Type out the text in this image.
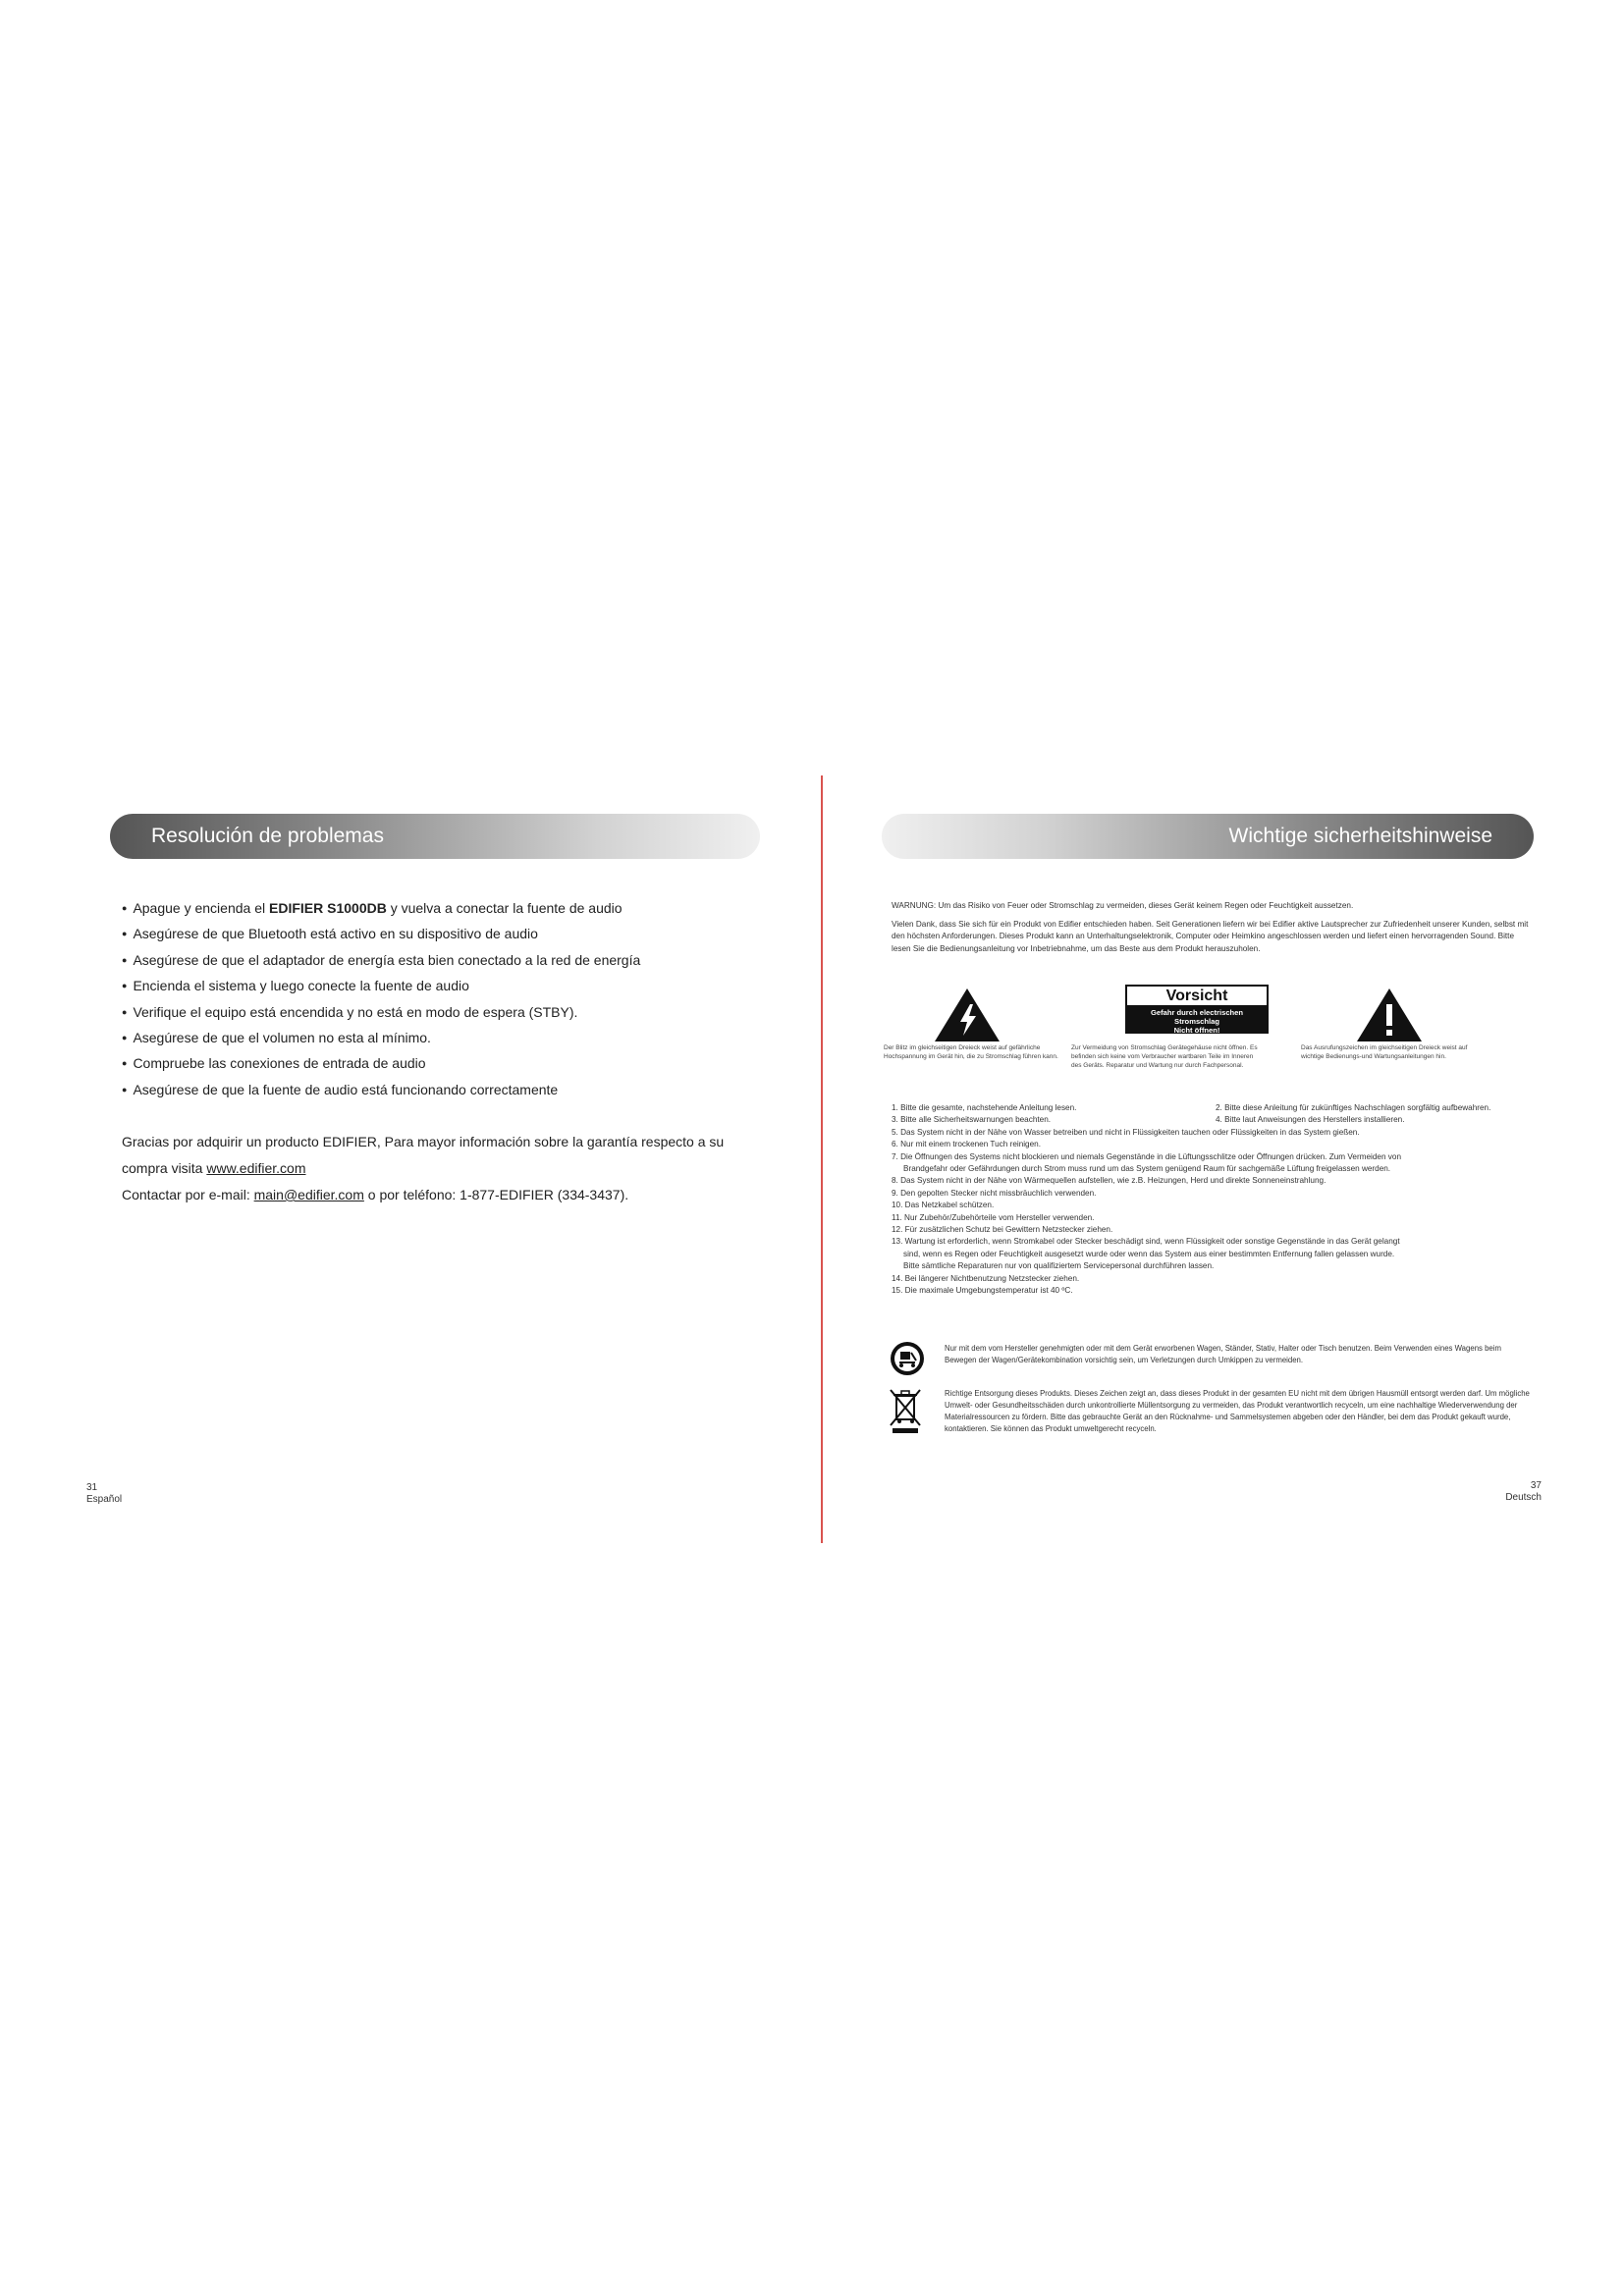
Resolución de problemas
● Apague y encienda el EDIFIER S1000DB y vuelva a conectar la fuente de audio
● Asegúrese de que Bluetooth está activo en su dispositivo de audio
● Asegúrese de que el adaptador de energía esta bien conectado a la red de energía
● Encienda el sistema y luego conecte la fuente de audio
● Verifique el equipo está encendida y no está en modo de espera (STBY).
● Asegúrese de que el volumen no esta al mínimo.
● Compruebe las conexiones de entrada de audio
● Asegúrese de que la fuente de audio está funcionando correctamente

Gracias por adquirir un producto EDIFIER, Para mayor información sobre la garantía respecto a su

compra visita www.edifier.com

Contactar por e-mail: main@edifier.com o por teléfono: 1-877-EDIFIER (334-3437).

31
Español
Wichtige sicherheitshinweise

WARNUNG: Um das Risiko von Feuer oder Stromschlag zu vermeiden, dieses Gerät keinem Regen oder Feuchtigkeit aussetzen.

Vielen Dank, dass Sie sich für ein Produkt von Edifier entschieden haben. Seit Generationen liefern wir bei Edifier aktive Lautsprecher zur Zufriedenheit unserer Kunden, selbst mit den höchsten Anforderungen. Dieses Produkt kann an Unterhaltungselektronik, Computer oder Heimkino angeschlossen werden und liefert einen hervorragenden Sound. Bitte lesen Sie die Bedienungsanleitung vor Inbetriebnahme, um das Beste aus dem Produkt herauszuholen.

Vorsicht
Gefahr durch electrischen
Stromschlag
Nicht öffnen!
Der Blitz im gleichseitigen Dreieck weist auf gefährliche Hochspannung im Gerät hin, die zu Stromschlag führen kann.
Zur Vermeidung von Stromschlag Gerätegehäuse nicht öffnen. Es befinden sich keine vom Verbraucher wartbaren Teile im Inneren des Geräts. Reparatur und Wartung nur durch Fachpersonal.
Das Ausrufungszeichen im gleichseitigen Dreieck weist auf wichtige Bedienungs-und Wartungsanleitungen hin.
1. Bitte die gesamte, nachstehende Anleitung lesen.	2. Bitte diese Anleitung für zukünftiges Nachschlagen sorgfältig aufbewahren.
3. Bitte alle Sicherheitswarnungen beachten.	4. Bitte laut Anweisungen des Herstellers installieren.
5. Das System nicht in der Nähe von Wasser betreiben und nicht in Flüssigkeiten tauchen oder Flüssigkeiten in das System gießen.
6. Nur mit einem trockenen Tuch reinigen.
7. Die Öffnungen des Systems nicht blockieren und niemals Gegenstände in die Lüftungsschlitze oder Öffnungen drücken. Zum Vermeiden von
Brandgefahr oder Gefährdungen durch Strom muss rund um das System genügend Raum für sachgemäße Lüftung freigelassen werden.
8. Das System nicht in der Nähe von Wärmequellen aufstellen, wie z.B. Heizungen, Herd und direkte Sonneneinstrahlung.
9. Den gepolten Stecker nicht missbräuchlich verwenden.
10. Das Netzkabel schützen.
11. Nur Zubehör/Zubehörteile vom Hersteller verwenden.
12. Für zusätzlichen Schutz bei Gewittern Netzstecker ziehen.
13. Wartung ist erforderlich, wenn Stromkabel oder Stecker beschädigt sind, wenn Flüssigkeit oder sonstige Gegenstände in das Gerät gelangt
sind, wenn es Regen oder Feuchtigkeit ausgesetzt wurde oder wenn das System aus einer bestimmten Entfernung fallen gelassen wurde.
Bitte sämtliche Reparaturen nur von qualifiziertem Servicepersonal durchführen lassen.
14. Bei längerer Nichtbenutzung Netzstecker ziehen.
15. Die maximale Umgebungstemperatur ist 40 ºC.
Nur mit dem vom Hersteller genehmigten oder mit dem Gerät erworbenen Wagen, Ständer, Stativ, Halter oder Tisch benutzen. Beim Verwenden eines Wagens beim Bewegen der Wagen/Gerätekombination vorsichtig sein, um Verletzungen durch Umkippen zu vermeiden.
Richtige Entsorgung dieses Produkts. Dieses Zeichen zeigt an, dass dieses Produkt in der gesamten EU nicht mit dem übrigen Hausmüll entsorgt werden darf. Um mögliche Umwelt- oder Gesundheitsschäden durch unkontrollierte Müllentsorgung zu vermeiden, das Produkt verantwortlich recyceln, um eine nachhaltige Wiederverwendung der Materialressourcen zu fördern. Bitte das gebrauchte Gerät an den Rücknahme- und Sammelsystemen abgeben oder den Händler, bei dem das Produkt gekauft wurde, kontaktieren. Sie können das Produkt umweltgerecht recyceln.
37
Deutsch
